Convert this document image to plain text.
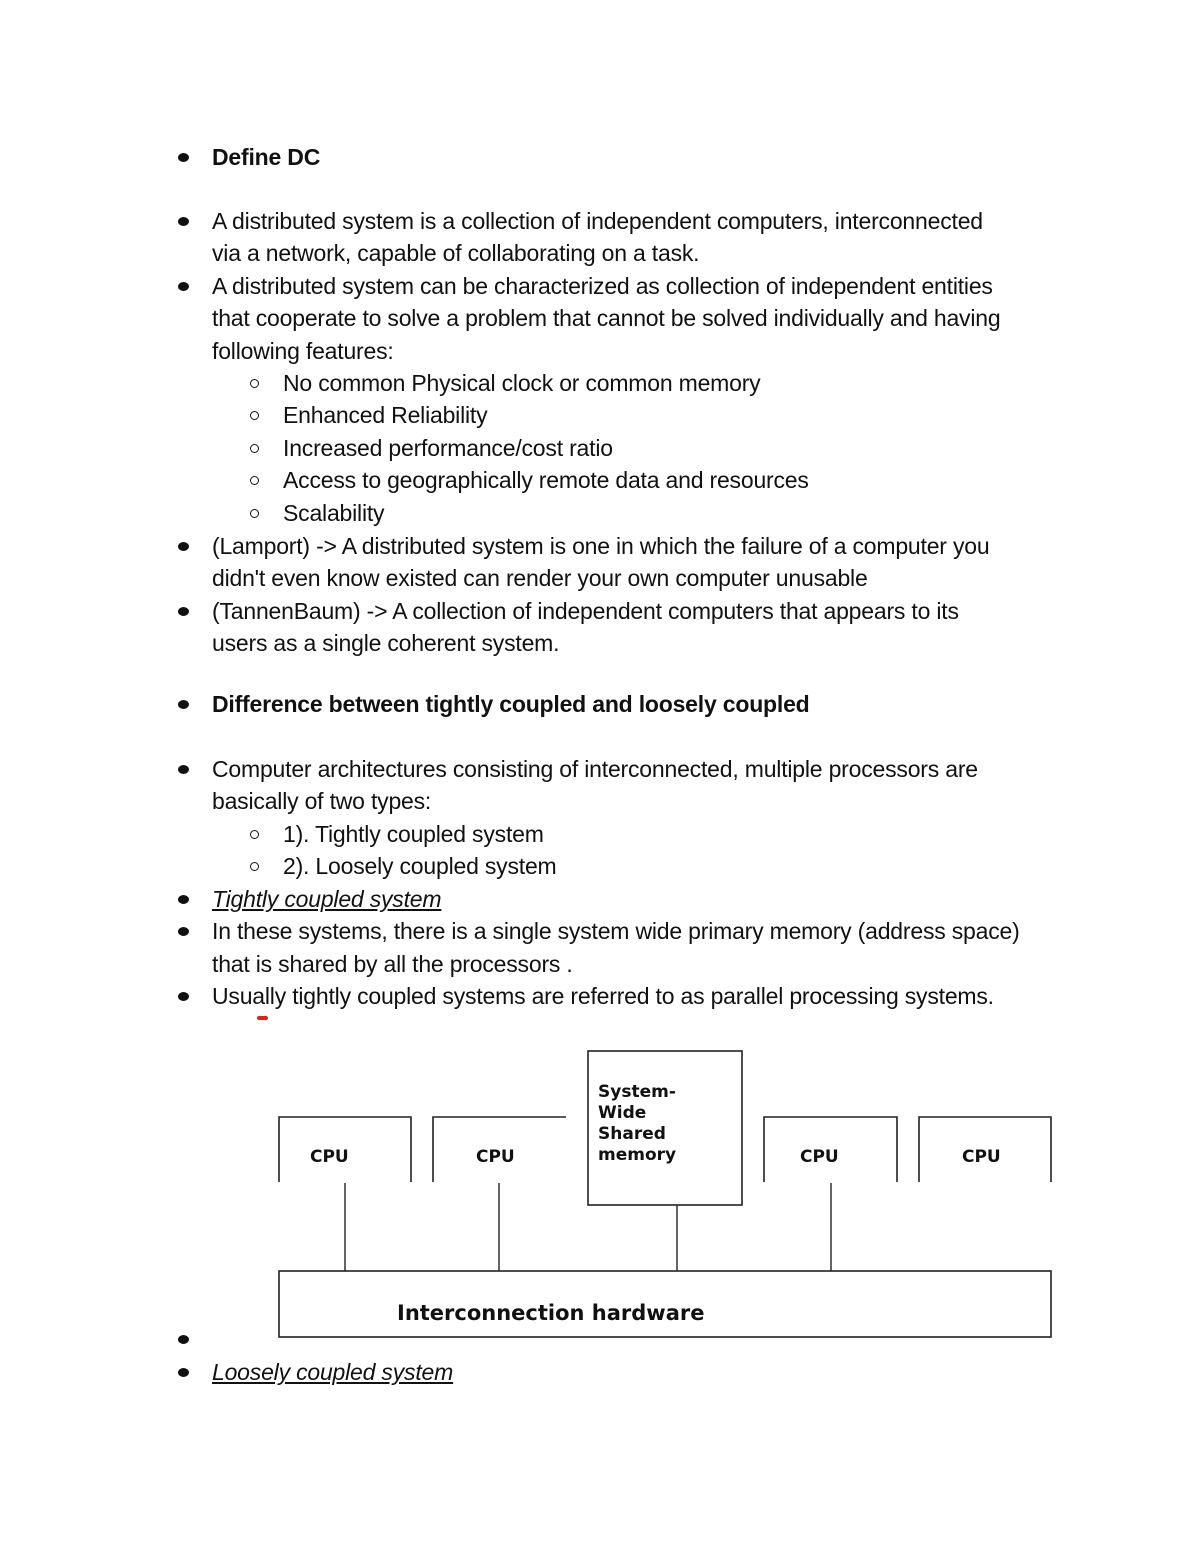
Define DC
A distributed system is a collection of independent computers, interconnected
via a network, capable of collaborating on a task.
A distributed system can be characterized as collection of independent entities
that cooperate to solve a problem that cannot be solved individually and having
following features:
No common Physical clock or common memory
Enhanced Reliability
Increased performance/cost ratio
Access to geographically remote data and resources
Scalability
(Lamport) -> A distributed system is one in which the failure of a computer you
didn't even know existed can render your own computer unusable
(TannenBaum) -> A collection of independent computers that appears to its
users as a single coherent system.
Difference between tightly coupled and loosely coupled
Computer architectures consisting of interconnected, multiple processors are
basically of two types:
1). Tightly coupled system
2). Loosely coupled system
Tightly coupled system
In these systems, there is a single system wide primary memory (address space)
that is shared by all the processors .
Usually tightly coupled systems are referred to as parallel processing systems.
CPU	CPU	CPU	CPU
System-
Wide
Shared
memory
Interconnection hardware
Loosely coupled system
